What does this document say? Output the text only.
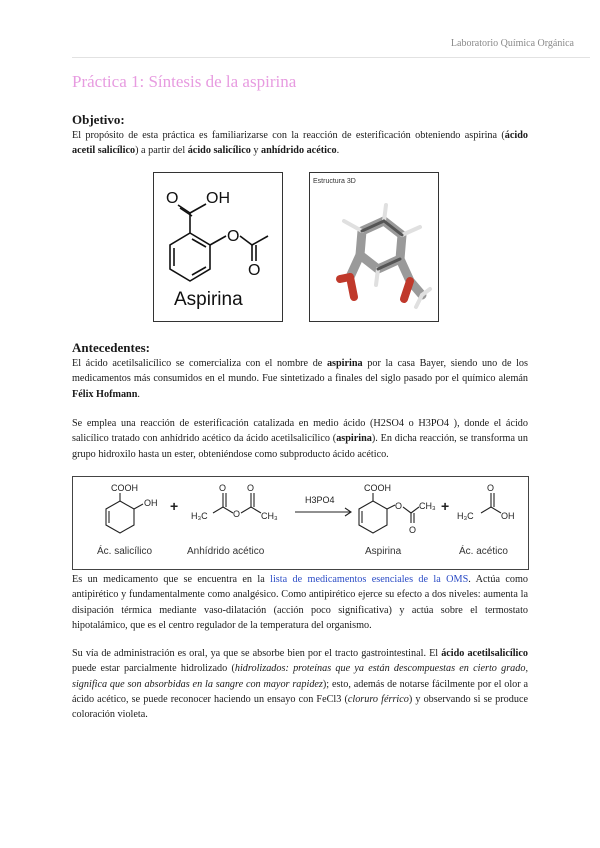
Laboratorio Química Orgánica
Práctica 1: Síntesis de la aspirina
Objetivo:
El propósito de esta práctica es familiarizarse con la reacción de esterificación obteniendo aspirina (ácido acetil salicílico) a partir del ácido salicílico y anhídrido acético.
O OH
O
O
Aspirina
Estructura 3D
Antecedentes:
El ácido acetilsalicílico se comercializa con el nombre de aspirina por la casa Bayer, siendo uno de los medicamentos más consumidos en el mundo. Fue sintetizado a finales del siglo pasado por el químico alemán Félix Hofmann.
Se emplea una reacción de esterificación catalizada en medio ácido (H2SO4 o H3PO4 ), donde el ácido salicílico tratado con anhídrido acético da ácido acetilsalicílico (aspirina). En dicha reacción, se transforma un grupo hidroxilo hasta un ester, obteniéndose como subproducto ácido acético.
COOH
OH
O O
O
H₃C	CH₃
COOH
O CH₃
O
O
H₃C	OH
H3PO4
+	+
Ác. salicílico	Anhídrido acético	Aspirina	Ác. acético
Es un medicamento que se encuentra en la lista de medicamentos esenciales de la OMS. Actúa como antipirético y fundamentalmente como analgésico. Como antipirético ejerce su efecto a dos niveles: aumenta la disipación térmica mediante vaso-dilatación (acción poco significativa) y actúa sobre el termostato hipotalámico, que es el centro regulador de la temperatura del organismo.
Su vía de administración es oral, ya que se absorbe bien por el tracto gastrointestinal. El ácido acetilsalicílico puede estar parcialmente hidrolizado (hidrolizados: proteínas que ya están descompuestas en cierto grado, significa que son absorbidas en la sangre con mayor rapidez); esto, además de notarse fácilmente por el olor a ácido acético, se puede reconocer haciendo un ensayo con FeCl3 (cloruro férrico) y observando si se produce coloración violeta.
